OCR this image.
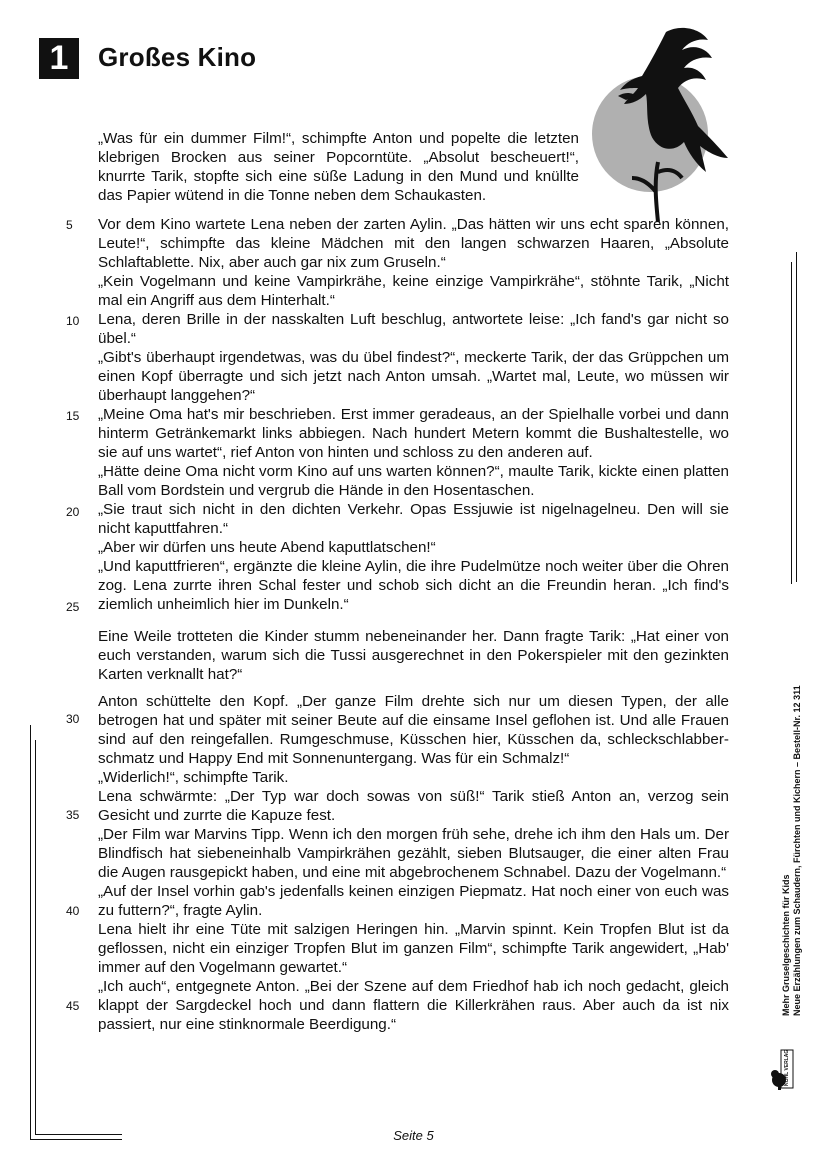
1	Großes Kino

„Was für ein dummer Film!“, schimpfte Anton und popelte die letzten klebrigen Brocken aus seiner Popcorntüte. „Absolut bescheuert!“, knurrte Tarik, stopfte sich eine süße Ladung in den Mund und knüllte das Papier wütend in die Tonne neben dem Schaukasten.

Vor dem Kino wartete Lena neben der zarten Aylin. „Das hätten wir uns echt sparen können, Leute!“, schimpfte das kleine Mädchen mit den langen schwarzen Haaren, „Absolute Schlaftablette. Nix, aber auch gar nix zum Gruseln.“

„Kein Vogelmann und keine Vampirkrähe, keine einzige Vampirkrähe“, stöhnte Tarik, „Nicht mal ein Angriff aus dem Hinterhalt.“

Lena, deren Brille in der nasskalten Luft beschlug, antwortete leise: „Ich fand's gar nicht so übel.“

„Gibt's überhaupt irgendetwas, was du übel findest?“, meckerte Tarik, der das Grüppchen um einen Kopf überragte und sich jetzt nach Anton umsah. „Wartet mal, Leute, wo müssen wir überhaupt langgehen?“

„Meine Oma hat's mir beschrieben. Erst immer geradeaus, an der Spielhalle vorbei und dann hinterm Getränkemarkt links abbiegen. Nach hundert Metern kommt die Bushaltestelle, wo sie auf uns wartet“, rief Anton von hinten und schloss zu den anderen auf.

„Hätte deine Oma nicht vorm Kino auf uns warten können?“, maulte Tarik, kickte einen platten Ball vom Bordstein und vergrub die Hände in den Hosentaschen.

„Sie traut sich nicht in den dichten Verkehr. Opas Essjuwie ist nigelnagelneu. Den will sie nicht kaputtfahren.“

„Aber wir dürfen uns heute Abend kaputtlatschen!“

„Und kaputtfrieren“, ergänzte die kleine Aylin, die ihre Pudelmütze noch weiter über die Ohren zog. Lena zurrte ihren Schal fester und schob sich dicht an die Freundin heran. „Ich find's ziemlich unheimlich hier im Dunkeln.“

Eine Weile trotteten die Kinder stumm nebeneinander her. Dann fragte Tarik: „Hat einer von euch verstanden, warum sich die Tussi ausgerechnet in den Pokerspieler mit den gezinkten Karten verknallt hat?“

Anton schüttelte den Kopf. „Der ganze Film drehte sich nur um diesen Typen, der alle betrogen hat und später mit seiner Beute auf die einsame Insel geflohen ist. Und alle Frauen sind auf den reingefallen. Rumgeschmuse, Küsschen hier, Küsschen da, schleckschlabber-schmatz und Happy End mit Sonnenuntergang. Was für ein Schmalz!“

„Widerlich!“, schimpfte Tarik.

Lena schwärmte: „Der Typ war doch sowas von süß!“ Tarik stieß Anton an, verzog sein Gesicht und zurrte die Kapuze fest.

„Der Film war Marvins Tipp. Wenn ich den morgen früh sehe, drehe ich ihm den Hals um. Der Blindfisch hat siebeneinhalb Vampirkrähen gezählt, sieben Blutsauger, die einer alten Frau die Augen rausgepickt haben, und eine mit abgebrochenem Schnabel. Dazu der Vogelmann.“

„Auf der Insel vorhin gab's jedenfalls keinen einzigen Piepmatz. Hat noch einer von euch was zu futtern?“, fragte Aylin.

Lena hielt ihr eine Tüte mit salzigen Heringen hin. „Marvin spinnt. Kein Tropfen Blut ist da geflossen, nicht ein einziger Tropfen Blut im ganzen Film“, schimpfte Tarik angewidert, „Hab' immer auf den Vogelmann gewartet.“

„Ich auch“, entgegnete Anton. „Bei der Szene auf dem Friedhof hab ich noch gedacht, gleich klappt der Sargdeckel hoch und dann flattern die Killerkrähen raus. Aber auch da ist nix passiert, nur eine stinknormale Beerdigung.“

5
10
15
20
25
30
35
40
45	Mehr Gruselgeschichten für Kids Neue Erzählungen zum Schaudern, Fürchten und Kichern – Bestell-Nr. 12 311
KOHL VERLAG
Seite 5
